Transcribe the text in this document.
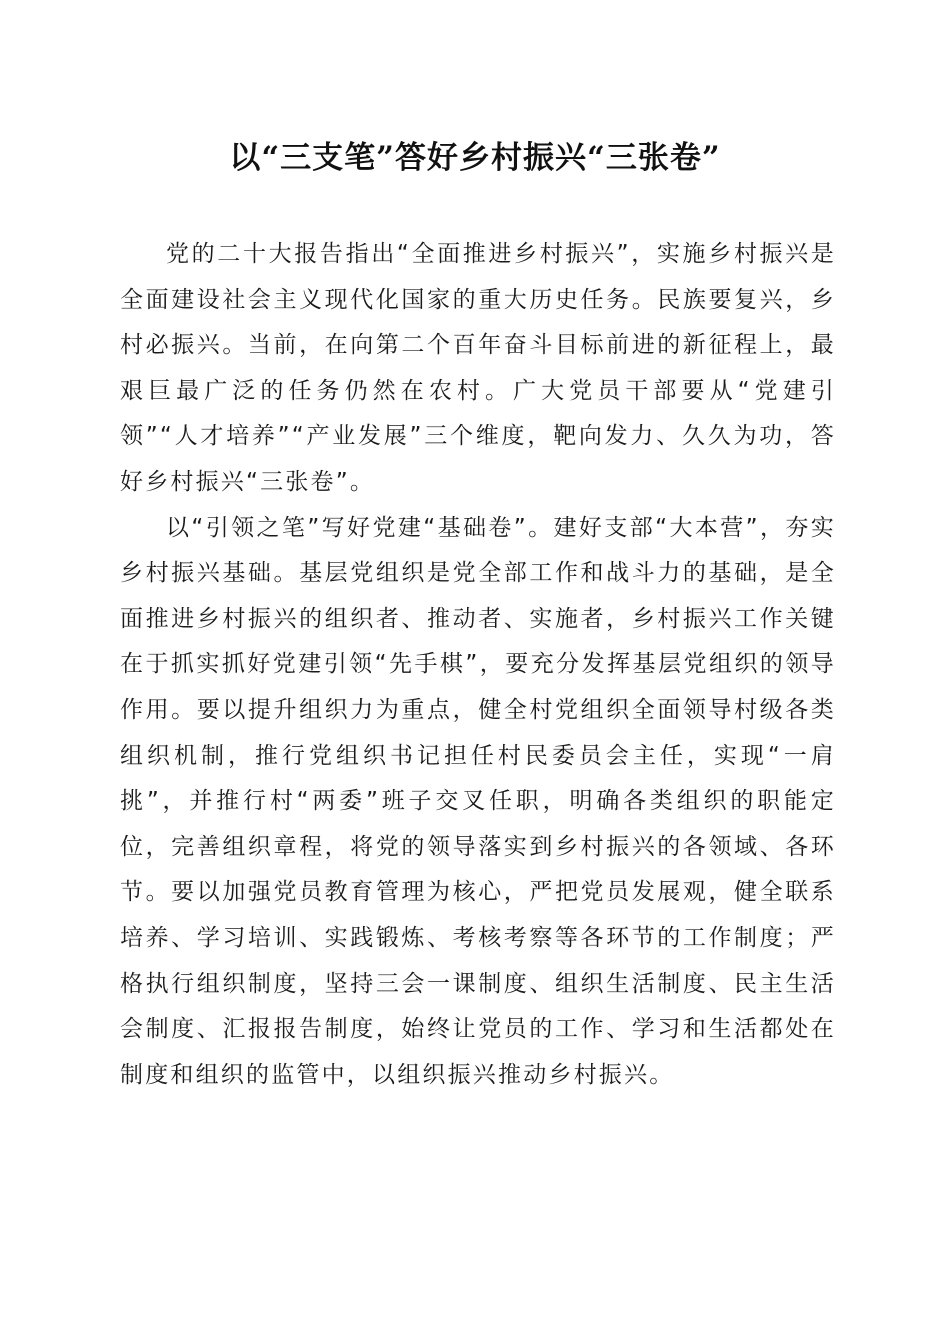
以“三支笔”答好乡村振兴“三张卷”

党的二十大报告指出“全面推进乡村振兴”，实施乡村振兴是全面建设社会主义现代化国家的重大历史任务。民族要复兴，乡村必振兴。当前，在向第二个百年奋斗目标前进的新征程上，最艰巨最广泛的任务仍然在农村。广大党员干部要从“党建引领”“人才培养”“产业发展”三个维度，靶向发力、久久为功，答好乡村振兴“三张卷”。

以“引领之笔”写好党建“基础卷”。建好支部“大本营”，夯实乡村振兴基础。基层党组织是党全部工作和战斗力的基础，是全面推进乡村振兴的组织者、推动者、实施者，乡村振兴工作关键在于抓实抓好党建引领“先手棋”，要充分发挥基层党组织的领导作用。要以提升组织力为重点，健全村党组织全面领导村级各类组织机制，推行党组织书记担任村民委员会主任，实现“一肩挑”，并推行村“两委”班子交叉任职，明确各类组织的职能定位，完善组织章程，将党的领导落实到乡村振兴的各领域、各环节。要以加强党员教育管理为核心，严把党员发展观，健全联系培养、学习培训、实践锻炼、考核考察等各环节的工作制度；严格执行组织制度，坚持三会一课制度、组织生活制度、民主生活会制度、汇报报告制度，始终让党员的工作、学习和生活都处在制度和组织的监管中，以组织振兴推动乡村振兴。
